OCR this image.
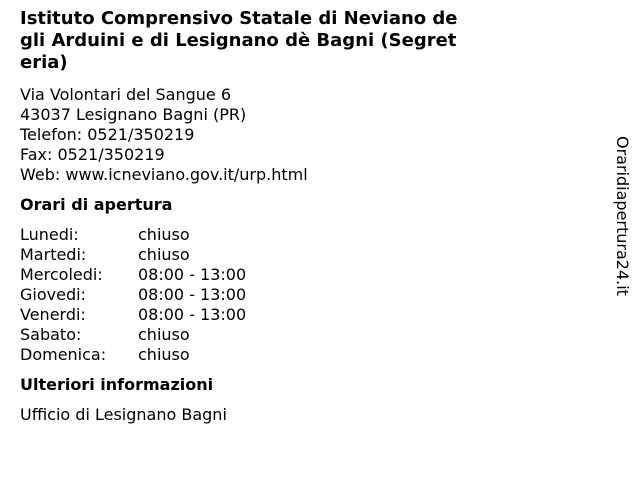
Istituto Comprensivo Statale di Neviano degli Arduini e di Lesignano dè Bagni (Segreteria)
Via Volontari del Sangue 6
43037 Lesignano Bagni (PR)
Telefon: 0521/350219
Fax: 0521/350219
Web: www.icneviano.gov.it/urp.html
Orari di apertura
Lunedi:	chiuso
Martedi:	chiuso
Mercoledi: 08:00 - 13:00
Giovedi:	08:00 - 13:00
Venerdi:	08:00 - 13:00
Sabato:	chiuso
Domenica: chiuso
Ulteriori informazioni
Ufficio di Lesignano Bagni
Oraridiapertura24.it
